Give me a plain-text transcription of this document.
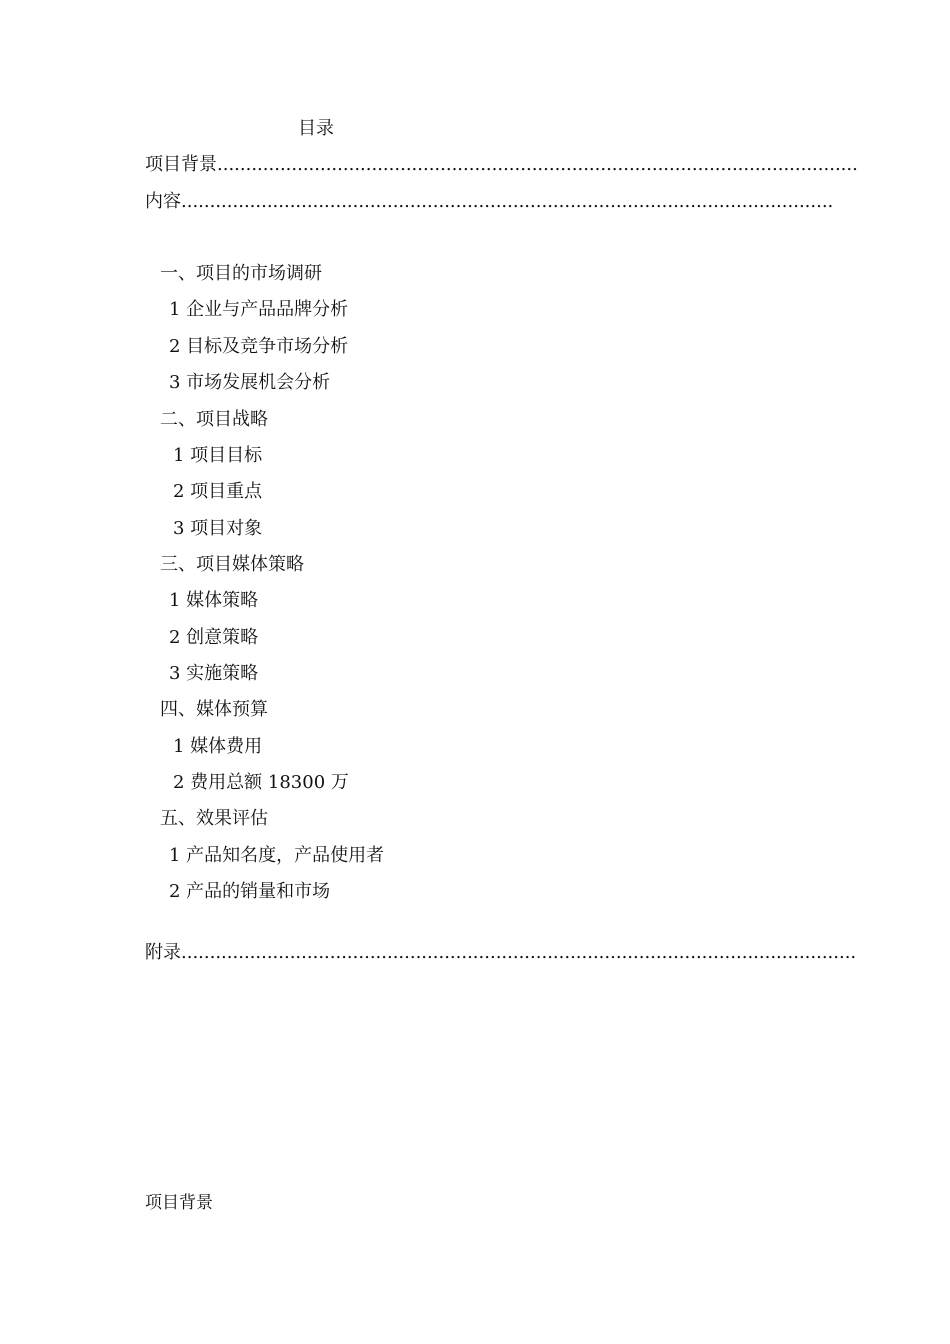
目录
项目背景................................................................................................................
内容..................................................................................................................
一、项目的市场调研
1 企业与产品品牌分析
2 目标及竞争市场分析
3 市场发展机会分析
二、项目战略
1 项目目标
2 项目重点
3 项目对象
三、项目媒体策略
1 媒体策略
2 创意策略
3 实施策略
四、媒体预算
1 媒体费用
2 费用总额 18300 万
五、效果评估
1 产品知名度，产品使用者
2 产品的销量和市场
附录......................................................................................................................
项目背景
